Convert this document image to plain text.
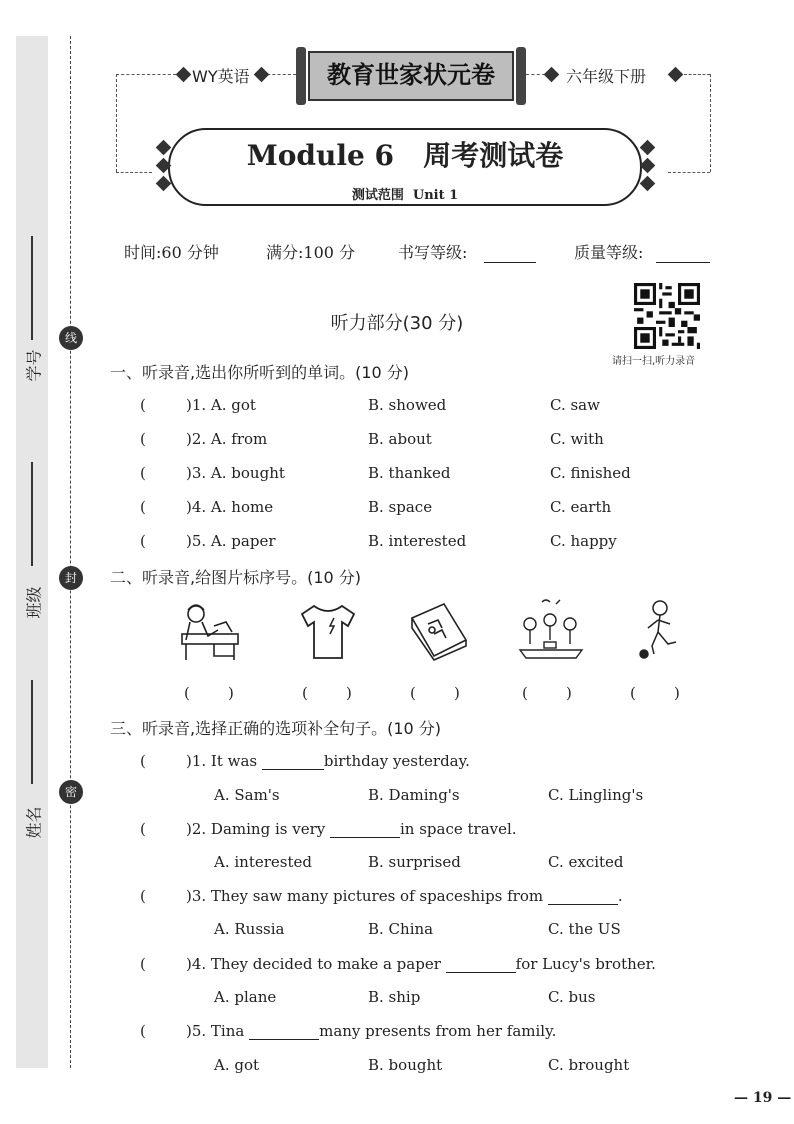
学号
班级
姓名
线
封
密
WY英语	六年级下册
教育世家状元卷
Module 6   周考测试卷
测试范围  Unit 1
时间:60 分钟	满分:100 分	书写等级:	质量等级:
请扫一扫,听力录音
听力部分(30 分)
一、听录音,选出你所听到的单词。(10 分)
(	)1. A. got	B. showed	C. saw
(	)2. A. from	B. about	C. with
(	)3. A. bought	B. thanked	C. finished
(	)4. A. home	B. space	C. earth
(	)5. A. paper	B. interested	C. happy
二、听录音,给图片标序号。(10 分)
(        )	(        )	(        )	(        )	(        )
三、听录音,选择正确的选项补全句子。(10 分)
(	)1. It was	birthday yesterday.
A. Sam's	B. Daming's	C. Lingling's
(	)2. Daming is very	in space travel.
A. interested	B. surprised	C. excited
(	)3. They saw many pictures of spaceships from	.
A. Russia	B. China	C. the US
(	)4. They decided to make a paper	for Lucy's brother.
A. plane	B. ship	C. bus
(	)5. Tina	many presents from her family.
A. got	B. bought	C. brought
— 19 —
